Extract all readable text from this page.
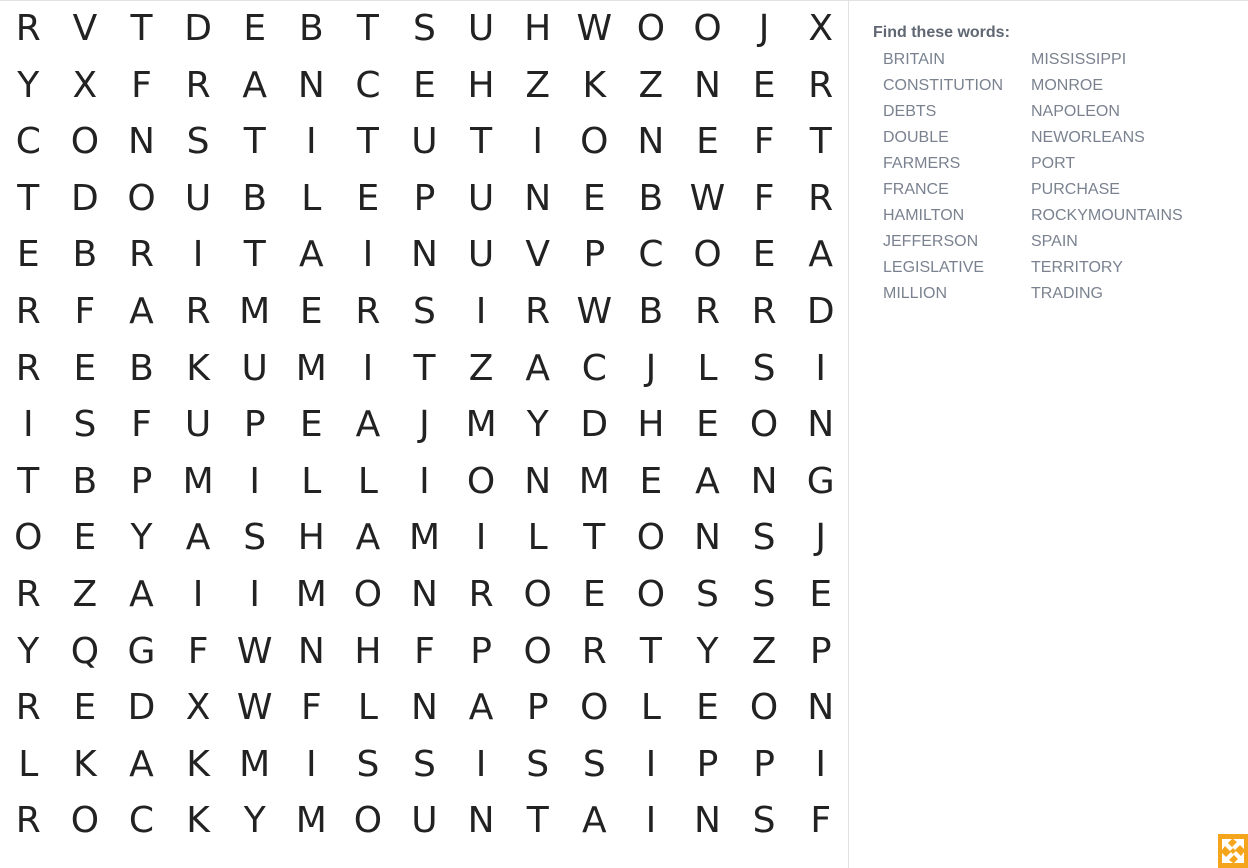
R V T D E B T S U H W O O	J	X
Y X F R A N C E H Z K Z N E R
C O N S T	I	T U T	I	O N E F T
T D O U B L E P U N E B W F R
E B R	I	T A	I	N U V P C O E A
R F A R M E R S	I	R W B R R D
R E B K U M I	T Z A C	J	L S	I
I	S F U P E A	J M Y D H E O N
T B P M I	L	L	I	O N M E A N G
O E Y A S H A M I	L T O N S	J
R Z A	I	I M O N R O E O S S E
Y Q G F W N H F P O R T Y Z P
R E D X W F	L N A P O L E O N
L K A K M I	S S	I	S S	I	P P	I
R O C K Y M O U N T A	I	N S F
Find these words:
BRITAIN
CONSTITUTION
DEBTS
DOUBLE
FARMERS
FRANCE
HAMILTON
JEFFERSON
LEGISLATIVE
MILLION
MISSISSIPPI
MONROE
NAPOLEON
NEWORLEANS
PORT
PURCHASE
ROCKYMOUNTAINS
SPAIN
TERRITORY
TRADING
